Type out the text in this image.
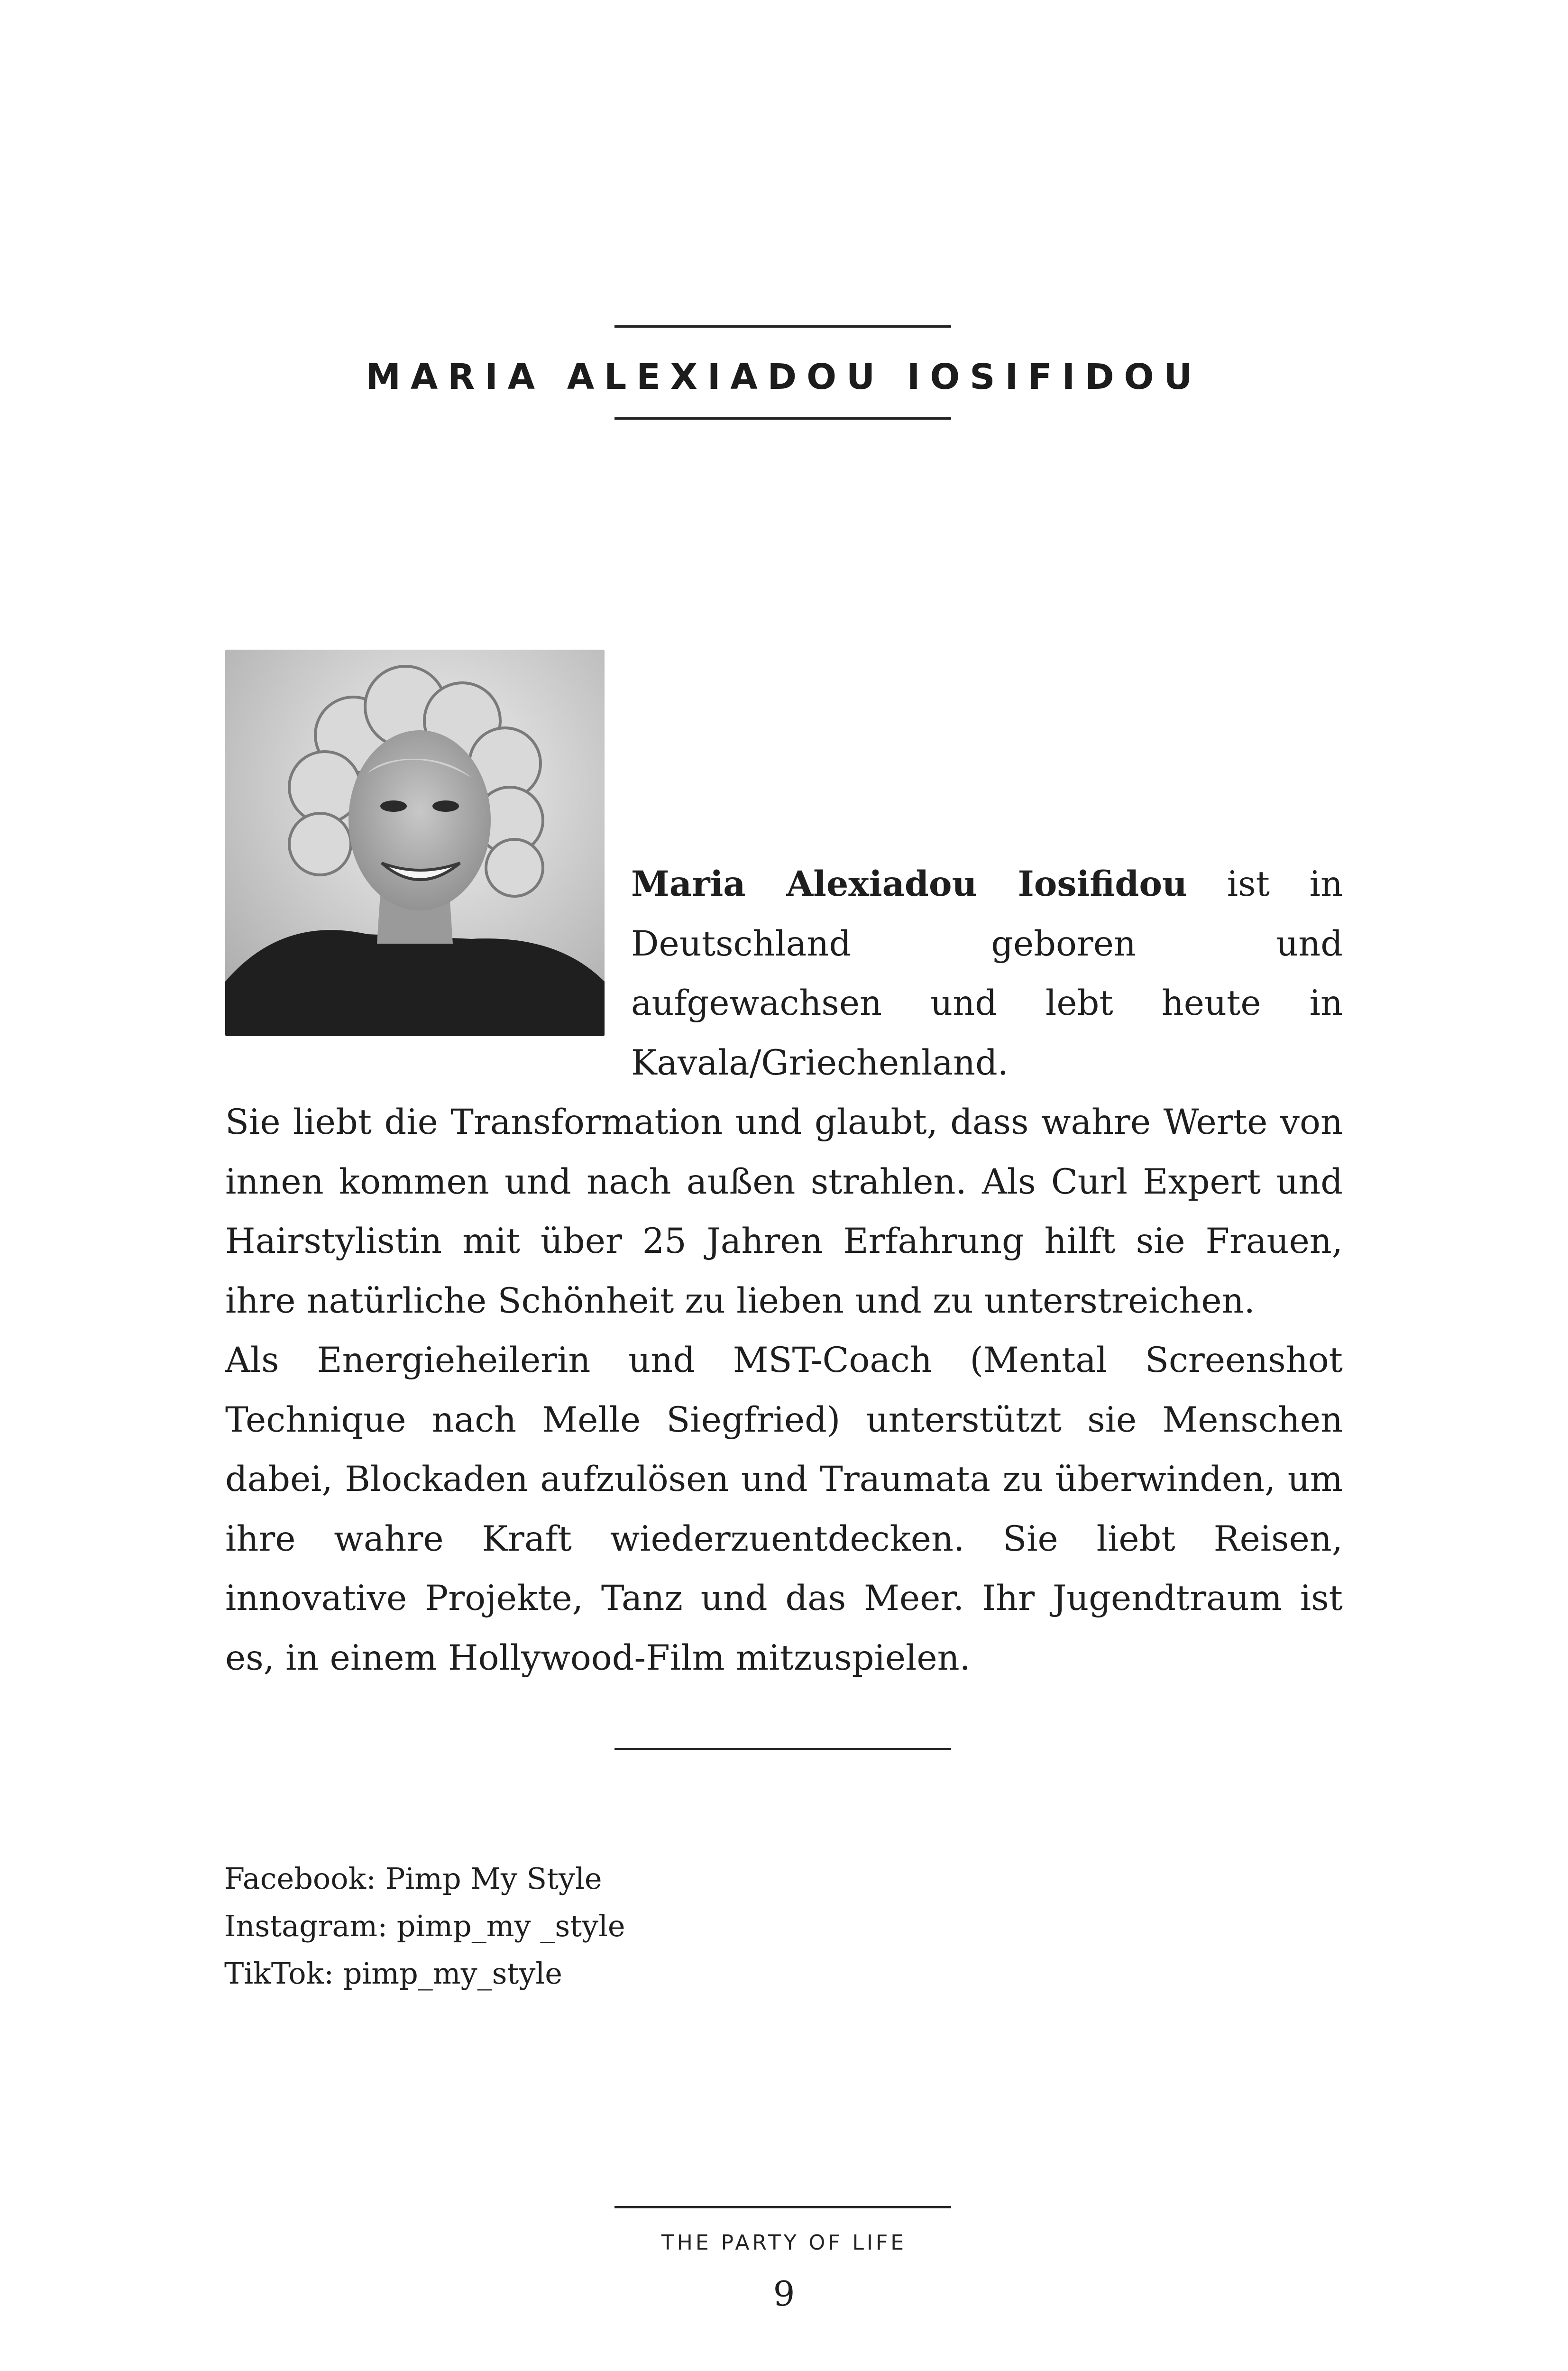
MARIA ALEXIADOU IOSIFIDOU

Maria Alexiadou Iosifidou ist in Deutschland geboren und aufgewachsen und lebt heute in Kavala/Griechenland.

Sie liebt die Transformation und glaubt, dass wahre Werte von innen kommen und nach außen strahlen. Als Curl Expert und Hairstylistin mit über 25 Jahren Erfahrung hilft sie Frauen, ihre natürliche Schönheit zu lieben und zu unterstreichen.

Als Energieheilerin und MST-Coach (Mental Screenshot Technique nach Melle Siegfried) unterstützt sie Menschen dabei, Blockaden aufzulösen und Traumata zu überwinden, um ihre wahre Kraft wiederzuentdecken. Sie liebt Reisen, innovative Projekte, Tanz und das Meer. Ihr Jugendtraum ist es, in einem Hollywood-Film mitzuspielen.

Facebook: Pimp My Style
Instagram: pimp_my _style
TikTok: pimp_my_style
THE PARTY OF LIFE
9
